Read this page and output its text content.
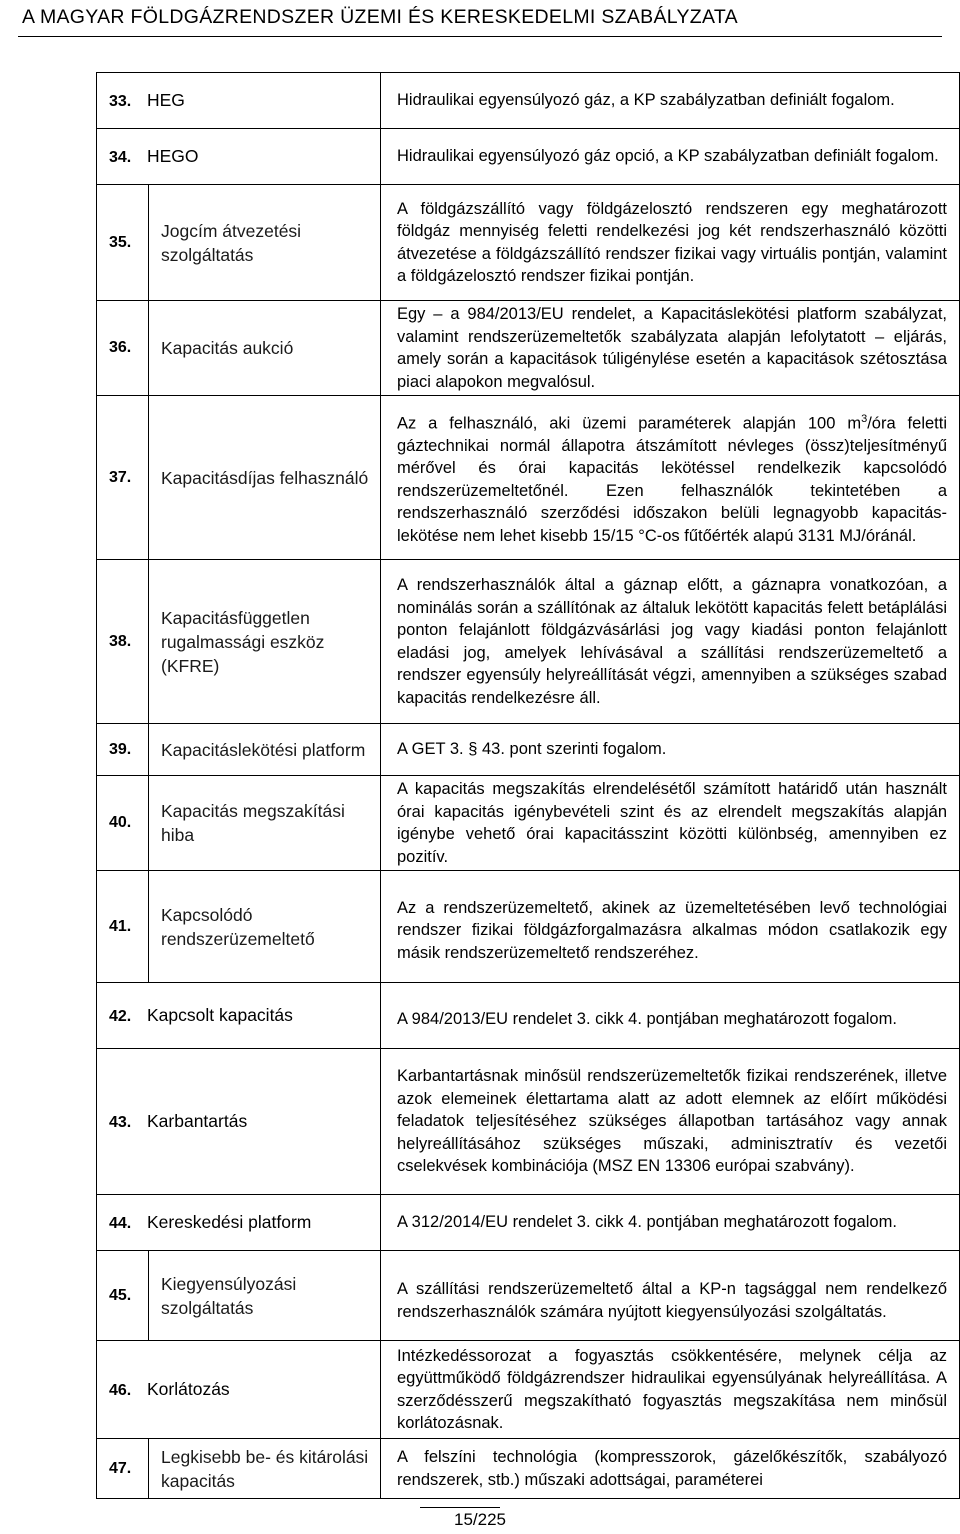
A MAGYAR FÖLDGÁZRENDSZER ÜZEMI ÉS KERESKEDELMI SZABÁLYZATA
33. HEG		Hidraulikai egyensúlyozó gáz, a KP szabályzatban definiált fogalom.
34. HEGO		Hidraulikai egyensúlyozó gáz opció, a KP szabályzatban definiált fogalom.
35.	Jogcím átvezetési szolgáltatás	A földgázszállító vagy földgázelosztó rendszeren egy meghatározott földgáz mennyiség feletti rendelkezési jog két rendszerhasználó közötti átvezetése a földgázszállító rendszer fizikai vagy virtuális pontján, valamint a földgázelosztó rendszer fizikai pontján.
36.	Kapacitás aukció	Egy – a 984/2013/EU rendelet, a Kapacitáslekötési platform szabályzat, valamint rendszerüzemeltetők szabályzata alapján lefolytatott – eljárás, amely során a kapacitások túligénylése esetén a kapacitások szétosztása piaci alapokon megvalósul.
37.	Kapacitásdíjas felhasználó	Az a felhasználó, aki üzemi paraméterek alapján 100 $m^3$/óra feletti gáztechnikai normál állapotra átszámított névleges (össz)teljesítményű mérővel és órai kapacitás lekötéssel rendelkezik kapcsolódó rendszerüzemeltetőnél. Ezen felhasználók tekintetében a rendszerhasználó szerződési időszakon belüli legnagyobb kapacitás-lekötése nem lehet kisebb 15/15 °C-os fűtőérték alapú 3131 MJ/óránál.
38.	Kapacitásfüggetlen rugalmassági eszköz (KFRE)	A rendszerhasználók által a gáznap előtt, a gáznapra vonatkozóan, a nominálás során a szállítónak az általuk lekötött kapacitás felett betáplálási ponton felajánlott földgázvásárlási jog vagy kiadási ponton felajánlott eladási jog, amelyek lehívásával a szállítási rendszerüzemeltető a rendszer egyensúly helyreállítását végzi, amennyiben a szükséges szabad kapacitás rendelkezésre áll.
39.	Kapacitáslekötési platform	A GET 3. § 43. pont szerinti fogalom.
40.	Kapacitás megszakítási hiba	A kapacitás megszakítás elrendelésétől számított határidő után használt órai kapacitás igénybevételi szint és az elrendelt megszakítás alapján igénybe vehető órai kapacitásszint közötti különbség, amennyiben ez pozitív.
41.	Kapcsolódó rendszerüzemeltető	Az a rendszerüzemeltető, akinek az üzemeltetésében levő technológiai rendszer fizikai földgázforgalmazásra alkalmas módon csatlakozik egy másik rendszerüzemeltető rendszeréhez.
42. Kapcsolt kapacitás		A 984/2013/EU rendelet 3. cikk 4. pontjában meghatározott fogalom.
43. Karbantartás		Karbantartásnak minősül rendszerüzemeltetők fizikai rendszerének, illetve azok elemeinek élettartama alatt az adott elemnek az előírt működési feladatok teljesítéséhez szükséges állapotban tartásához vagy annak helyreállításához szükséges műszaki, adminisztratív és vezetői cselekvések kombinációja (MSZ EN 13306 európai szabvány).
44. Kereskedési platform		A 312/2014/EU rendelet 3. cikk 4. pontjában meghatározott fogalom.
45.	Kiegyensúlyozási szolgáltatás	A szállítási rendszerüzemeltető által a KP-n tagsággal nem rendelkező rendszerhasználók számára nyújtott kiegyensúlyozási szolgáltatás.
46. Korlátozás		Intézkedéssorozat a fogyasztás csökkentésére, melynek célja az együttműködő földgázrendszer hidraulikai egyensúlyának helyreállítása. A szerződésszerű megszakítható fogyasztás megszakítása nem minősül korlátozásnak.
47.	Legkisebb be- és kitárolási kapacitás	A felszíni technológia (kompresszorok, gázelőkészítők, szabályozó rendszerek, stb.) műszaki adottságai, paraméterei
15/225
